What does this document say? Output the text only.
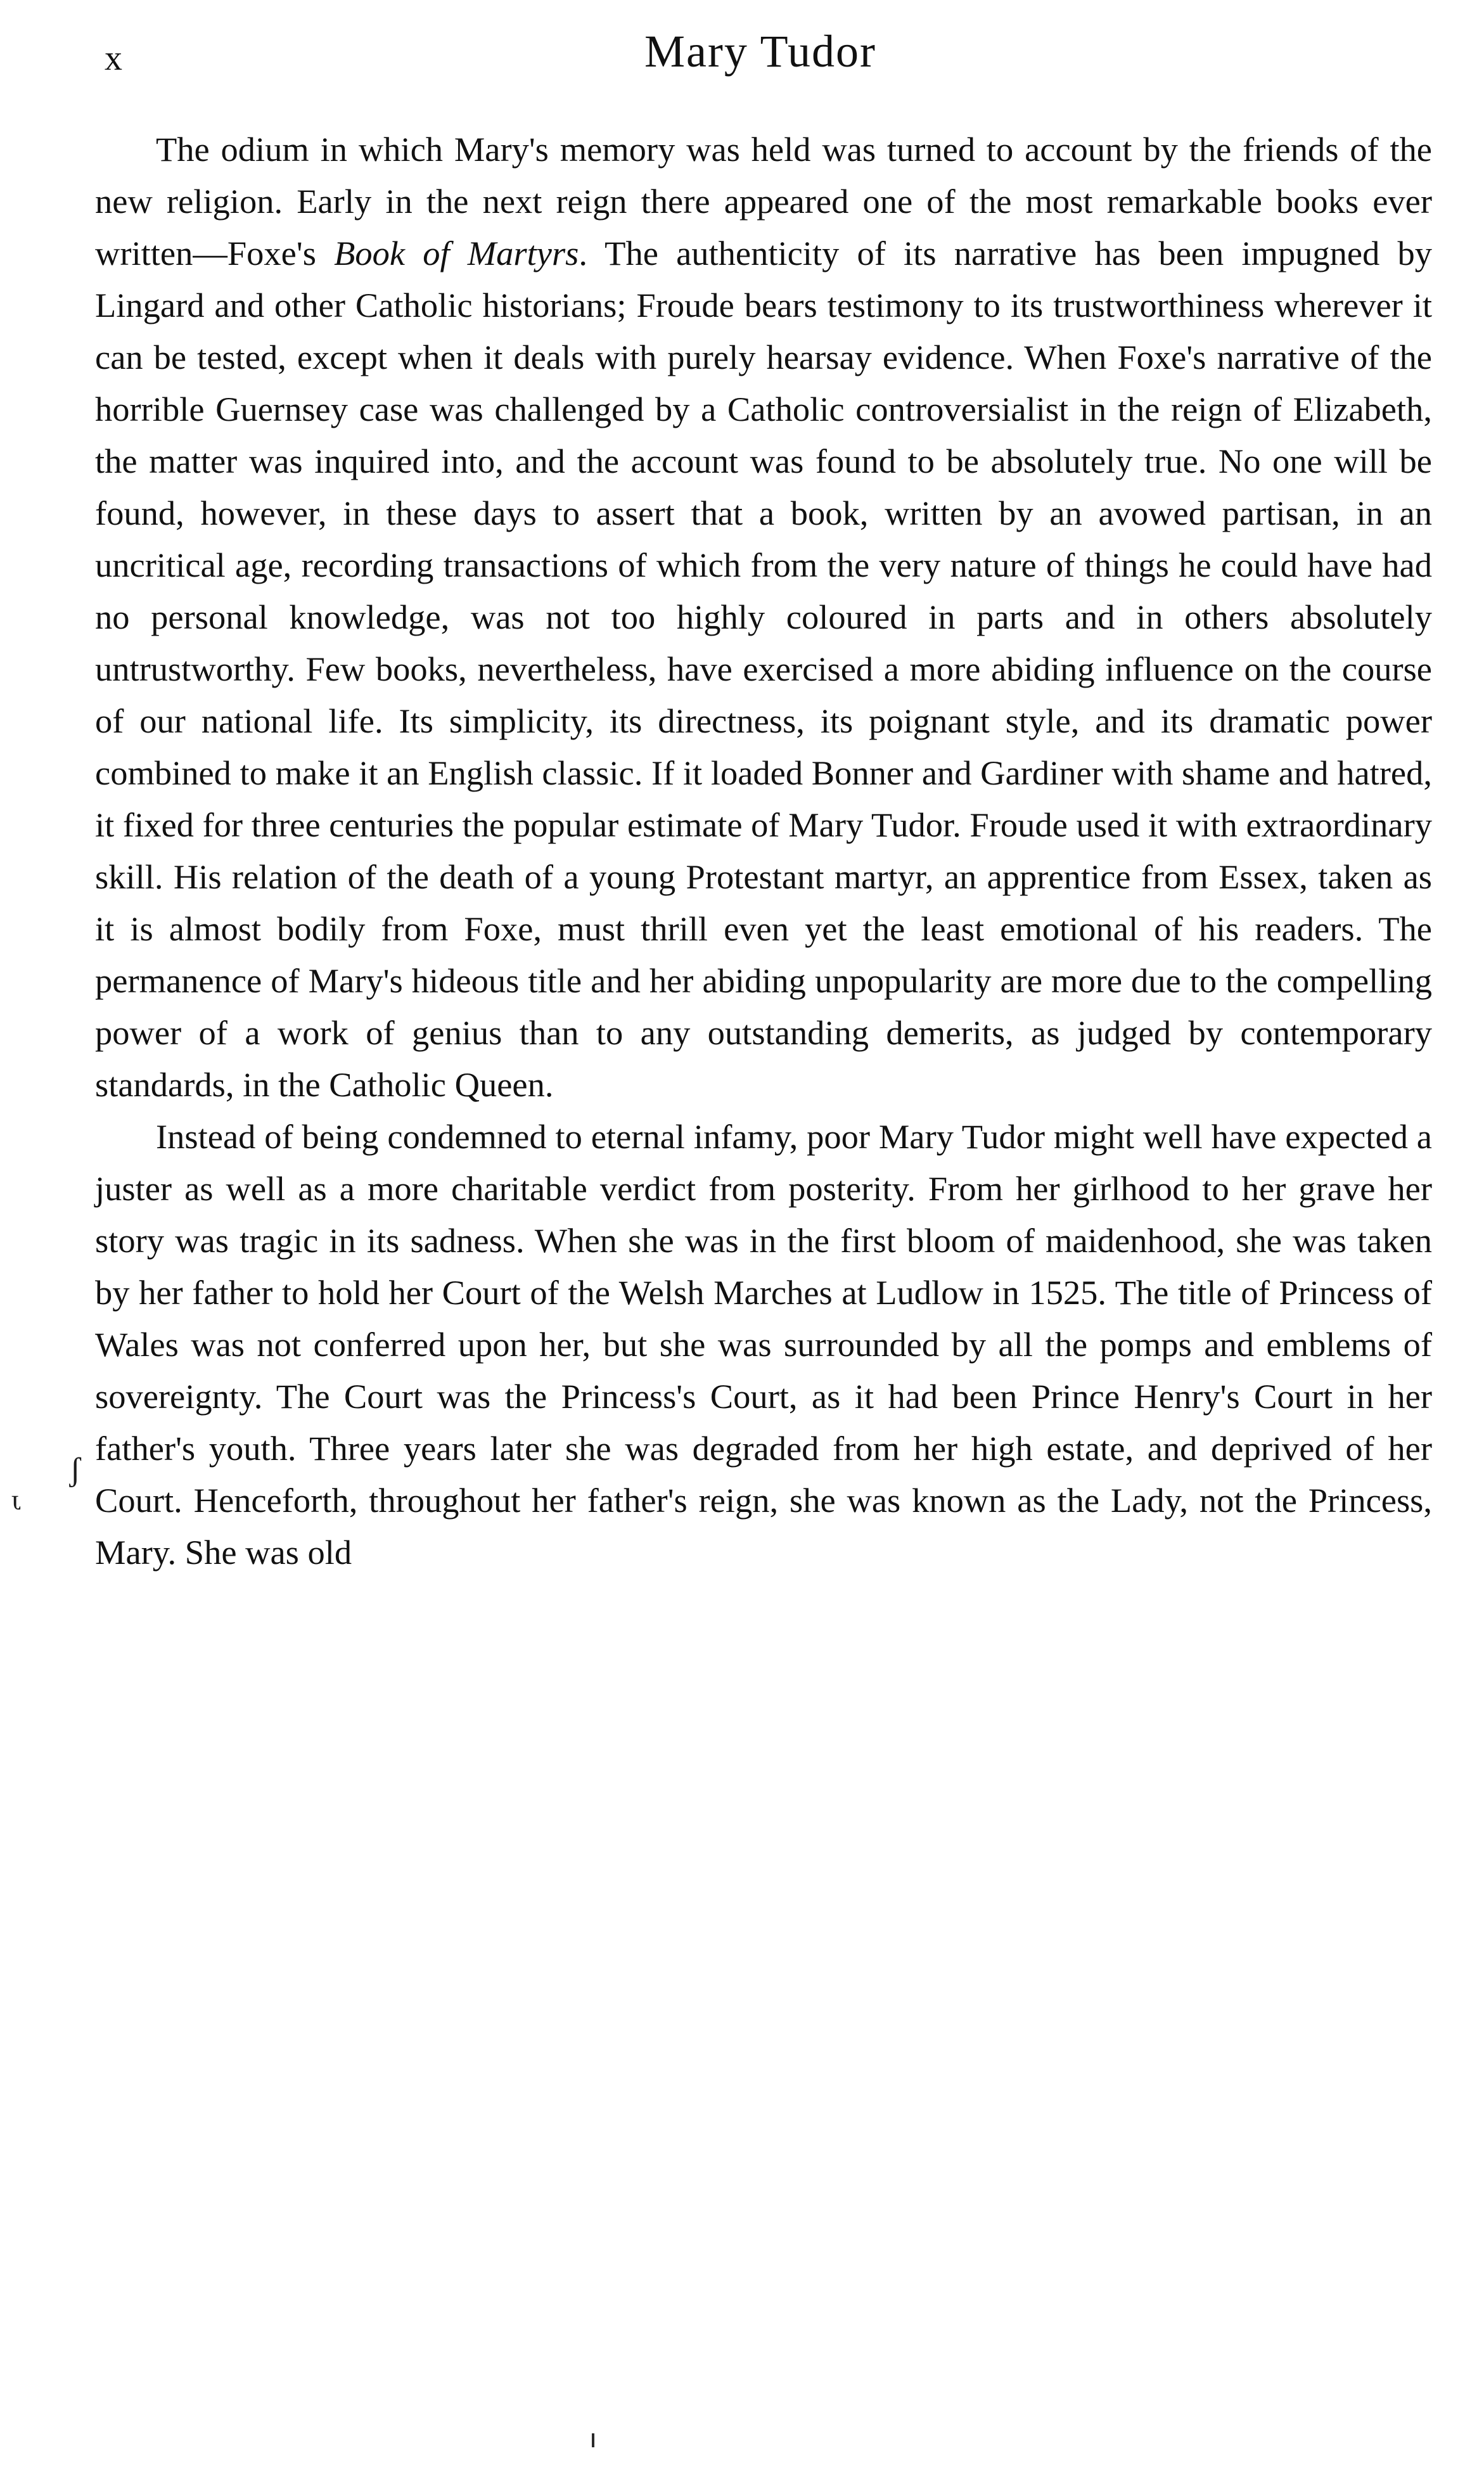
x	Mary Tudor

The odium in which Mary's memory was held was turned to account by the friends of the new religion. Early in the next reign there appeared one of the most remarkable books ever written—Foxe's Book of Martyrs. The authenticity of its narrative has been impugned by Lingard and other Catholic historians; Froude bears testimony to its trustworthiness wherever it can be tested, except when it deals with purely hearsay evidence. When Foxe's narrative of the horrible Guernsey case was challenged by a Catholic controversialist in the reign of Elizabeth, the matter was inquired into, and the account was found to be absolutely true. No one will be found, however, in these days to assert that a book, written by an avowed partisan, in an uncritical age, recording transactions of which from the very nature of things he could have had no personal knowledge, was not too highly coloured in parts and in others absolutely untrustworthy. Few books, nevertheless, have exercised a more abiding influence on the course of our national life. Its simplicity, its directness, its poignant style, and its dramatic power combined to make it an English classic. If it loaded Bonner and Gardiner with shame and hatred, it fixed for three centuries the popular estimate of Mary Tudor. Froude used it with extraordinary skill. His relation of the death of a young Protestant martyr, an apprentice from Essex, taken as it is almost bodily from Foxe, must thrill even yet the least emotional of his readers. The permanence of Mary's hideous title and her abiding unpopularity are more due to the compelling power of a work of genius than to any outstanding demerits, as judged by contemporary standards, in the Catholic Queen.

Instead of being condemned to eternal infamy, poor Mary Tudor might well have expected a juster as well as a more charitable verdict from posterity. From her girlhood to her grave her story was tragic in its sadness. When she was in the first bloom of maidenhood, she was taken by her father to hold her Court of the Welsh Marches at Ludlow in 1525. The title of Princess of Wales was not conferred upon her, but she was surrounded by all the pomps and emblems of sovereignty. The Court was the Princess's Court, as it had been Prince Henry's Court in her father's youth. Three years later she was degraded from her high estate, and deprived of her Court. Henceforth, throughout her father's reign, she was known as the Lady, not the Princess, Mary. She was old

ʃ
ɿ
